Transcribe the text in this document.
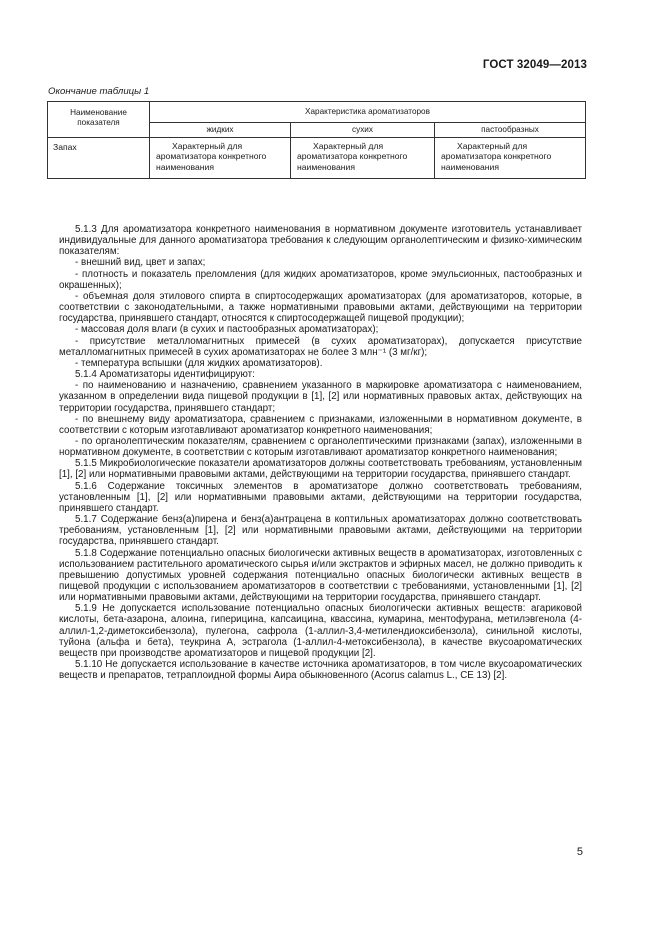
ГОСТ 32049—2013
Окончание таблицы 1
Наименование показателя	Характеристика ароматизаторов		
	жидких	сухих	пастообразных
Запах	Характерный для ароматизатора конкретного наименования	Характерный для ароматизатора конкретного наименования	Характерный для ароматизатора конкретного наименования

5.1.3 Для ароматизатора конкретного наименования в нормативном документе изготовитель устанавливает индивидуальные для данного ароматизатора требования к следующим органолептическим и физико-химическим показателям:

- внешний вид, цвет и запах;

- плотность и показатель преломления (для жидких ароматизаторов, кроме эмульсионных, пастообразных и окрашенных);

- объемная доля этилового спирта в спиртосодержащих ароматизаторах (для ароматизаторов, которые, в соответствии с законодательными, а также нормативными правовыми актами, действующими на территории государства, принявшего стандарт, относятся к спиртосодержащей пищевой продукции);

- массовая доля влаги (в сухих и пастообразных ароматизаторах);

- присутствие металломагнитных примесей (в сухих ароматизаторах), допускается присутствие металломагнитных примесей в сухих ароматизаторах не более 3 млн⁻¹ (3 мг/кг);

- температура вспышки (для жидких ароматизаторов).

5.1.4 Ароматизаторы идентифицируют:

- по наименованию и назначению, сравнением указанного в маркировке ароматизатора с наименованием, указанном в определении вида пищевой продукции в [1], [2] или нормативных правовых актах, действующих на территории государства, принявшего стандарт;

- по внешнему виду ароматизатора, сравнением с признаками, изложенными в нормативном документе, в соответствии с которым изготавливают ароматизатор конкретного наименования;

- по органолептическим показателям, сравнением с органолептическими признаками (запах), изложенными в нормативном документе, в соответствии с которым изготавливают ароматизатор конкретного наименования;

5.1.5 Микробиологические показатели ароматизаторов должны соответствовать требованиям, установленным [1], [2] или нормативными правовыми актами, действующими на территории государства, принявшего стандарт.

5.1.6 Содержание токсичных элементов в ароматизаторе должно соответствовать требованиям, установленным [1], [2] или нормативными правовыми актами, действующими на территории государства, принявшего стандарт.

5.1.7 Содержание бенз(а)пирена и бенз(а)антрацена в коптильных ароматизаторах должно соответствовать требованиям, установленным [1], [2] или нормативными правовыми актами, действующими на территории государства, принявшего стандарт.

5.1.8 Содержание потенциально опасных биологически активных веществ в ароматизаторах, изготовленных с использованием растительного ароматического сырья и/или экстрактов и эфирных масел, не должно приводить к превышению допустимых уровней содержания потенциально опасных биологически активных веществ в пищевой продукции с использованием ароматизаторов в соответствии с требованиями, установленными [1], [2] или нормативными правовыми актами, действующими на территории государства, принявшего стандарт.

5.1.9 Не допускается использование потенциально опасных биологически активных веществ: агариковой кислоты, бета-азарона, алоина, гиперицина, капсаицина, квассина, кумарина, ментофурана, метилэвгенола (4-аллил-1,2-диметоксибензола), пулегона, сафрола (1-аллил-3,4-метилендиоксибензола), синильной кислоты, туйона (альфа и бета), теукрина А, эстрагола (1-аллил-4-метоксибензола), в качестве вкусоароматических веществ при производстве ароматизаторов и пищевой продукции [2].

5.1.10 Не допускается использование в качестве источника ароматизаторов, в том числе вкусоароматических веществ и препаратов, тетраплоидной формы Аира обыкновенного (Acorus calamus L., CE 13) [2].

5
